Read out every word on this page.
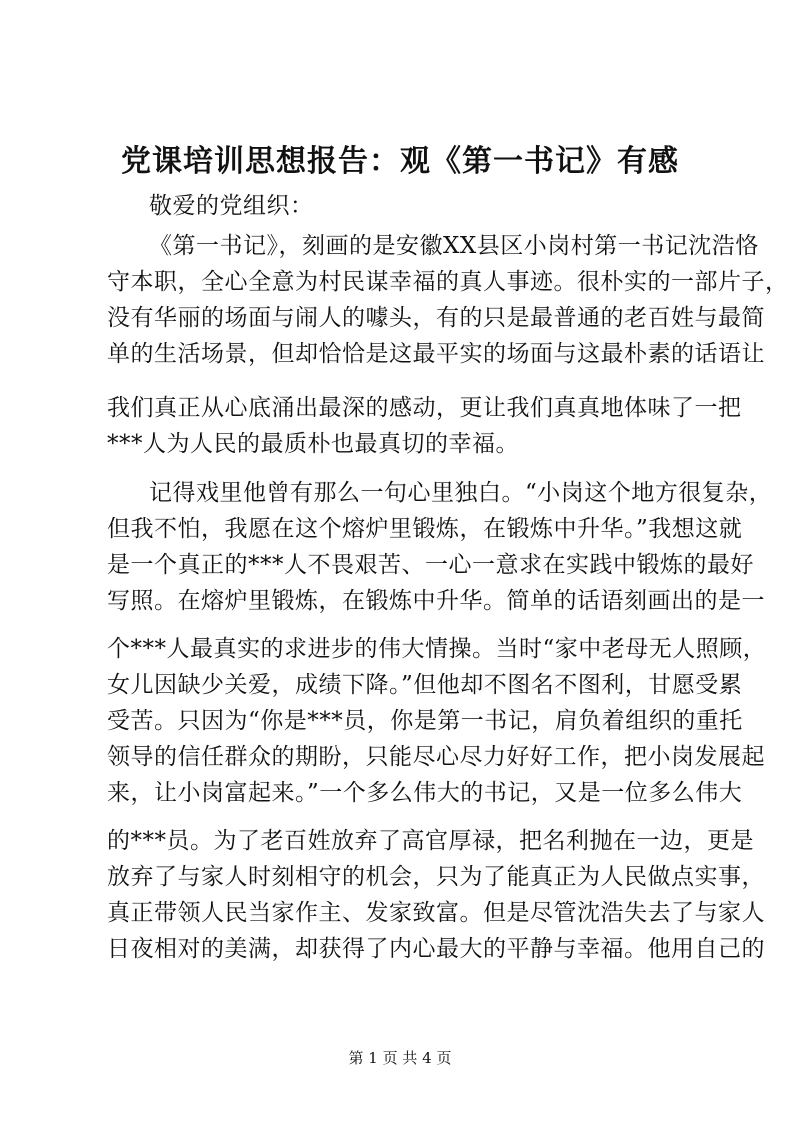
党课培训思想报告：观《第一书记》有感
敬爱的党组织：
《第一书记》，刻画的是安徽XX县区小岗村第一书记沈浩恪
守本职，全心全意为村民谋幸福的真人事迹。很朴实的一部片子，
没有华丽的场面与闹人的噱头，有的只是最普通的老百姓与最简
单的生活场景，但却恰恰是这最平实的场面与这最朴素的话语让
我们真正从心底涌出最深的感动，更让我们真真地体味了一把
***人为人民的最质朴也最真切的幸福。
记得戏里他曾有那么一句心里独白。“小岗这个地方很复杂，
但我不怕，我愿在这个熔炉里锻炼，在锻炼中升华。”我想这就
是一个真正的***人不畏艰苦、一心一意求在实践中锻炼的最好
写照。在熔炉里锻炼，在锻炼中升华。简单的话语刻画出的是一
个***人最真实的求进步的伟大情操。当时“家中老母无人照顾，
女儿因缺少关爱，成绩下降。”但他却不图名不图利，甘愿受累
受苦。只因为“你是***员，你是第一书记，肩负着组织的重托
领导的信任群众的期盼，只能尽心尽力好好工作，把小岗发展起
来，让小岗富起来。”一个多么伟大的书记，又是一位多么伟大
的***员。为了老百姓放弃了高官厚禄，把名利抛在一边，更是
放弃了与家人时刻相守的机会，只为了能真正为人民做点实事，
真正带领人民当家作主、发家致富。但是尽管沈浩失去了与家人
日夜相对的美满，却获得了内心最大的平静与幸福。他用自己的
第 1 页 共 4 页
